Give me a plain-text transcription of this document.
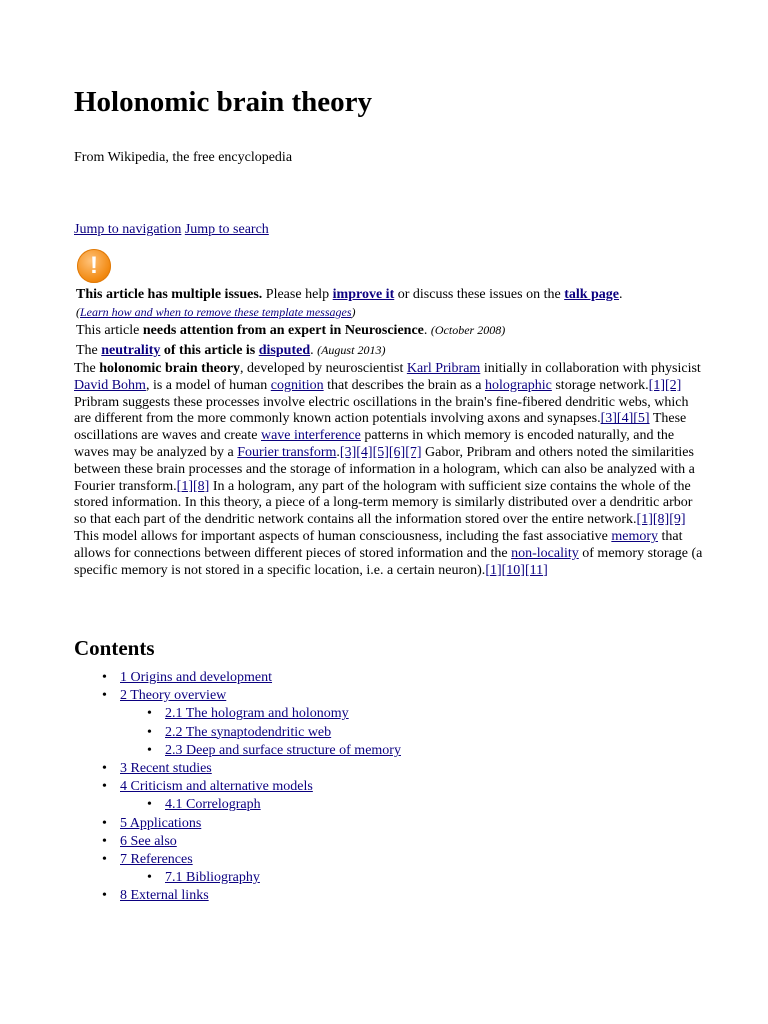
Holonomic brain theory
From Wikipedia, the free encyclopedia
Jump to navigation Jump to search
!
This article has multiple issues. Please help improve it or discuss these issues on the talk page.
(Learn how and when to remove these template messages)
This article needs attention from an expert in Neuroscience. (October 2008)
The neutrality of this article is disputed. (August 2013)

The holonomic brain theory, developed by neuroscientist Karl Pribram initially in collaboration with physicist David Bohm, is a model of human cognition that describes the brain as a holographic storage network.[1][2] Pribram suggests these processes involve electric oscillations in the brain's fine-fibered dendritic webs, which are different from the more commonly known action potentials involving axons and synapses.[3][4][5] These oscillations are waves and create wave interference patterns in which memory is encoded naturally, and the waves may be analyzed by a Fourier transform.[3][4][5][6][7] Gabor, Pribram and others noted the similarities between these brain processes and the storage of information in a hologram, which can also be analyzed with a Fourier transform.[1][8] In a hologram, any part of the hologram with sufficient size contains the whole of the stored information. In this theory, a piece of a long-term memory is similarly distributed over a dendritic arbor so that each part of the dendritic network contains all the information stored over the entire network.[1][8][9] This model allows for important aspects of human consciousness, including the fast associative memory that allows for connections between different pieces of stored information and the non-locality of memory storage (a specific memory is not stored in a specific location, i.e. a certain neuron).[1][10][11]

Contents
• 1 Origins and development
• 2 Theory overview
• 2.1 The hologram and holonomy
• 2.2 The synaptodendritic web
• 2.3 Deep and surface structure of memory
• 3 Recent studies
• 4 Criticism and alternative models
• 4.1 Correlograph
• 5 Applications
• 6 See also
• 7 References
• 7.1 Bibliography
• 8 External links
